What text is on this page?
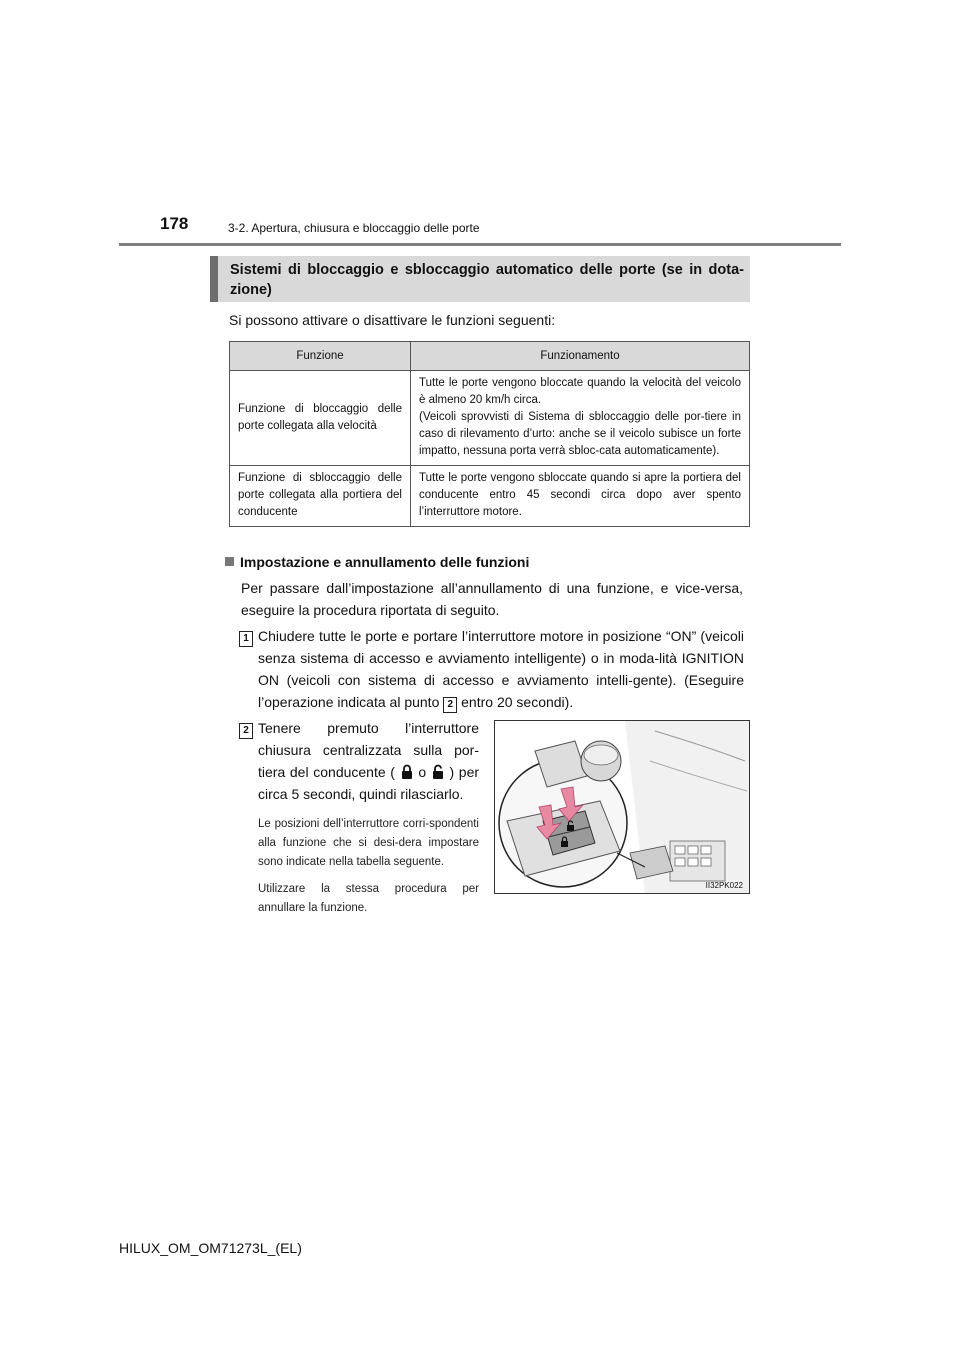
178	3-2. Apertura, chiusura e bloccaggio delle porte
Sistemi di bloccaggio e sbloccaggio automatico delle porte (se in dota-zione)
Si possono attivare o disattivare le funzioni seguenti:
Funzione	Funzionamento
Funzione di bloccaggio delle porte collegata alla velocità	Tutte le porte vengono bloccate quando la velocità del veicolo è almeno 20 km/h circa.
(Veicoli sprovvisti di Sistema di sbloccaggio delle por-tiere in caso di rilevamento d’urto: anche se il veicolo subisce un forte impatto, nessuna porta verrà sbloc-cata automaticamente).

Funzione di sbloccaggio delle porte collegata alla portiera del conducente	Tutte le porte vengono sbloccate quando si apre la portiera del conducente entro 45 secondi circa dopo aver spento l’interruttore motore.
Impostazione e annullamento delle funzioni
Per passare dall’impostazione all’annullamento di una funzione, e vice-versa, eseguire la procedura riportata di seguito.
1 Chiudere tutte le porte e portare l’interruttore motore in posizione “ON” (veicoli senza sistema di accesso e avviamento intelligente) o in moda-lità IGNITION ON (veicoli con sistema di accesso e avviamento intelli-gente). (Eseguire l’operazione indicata al punto 2 entro 20 secondi).
2 Tenere premuto l’interruttore chiusura centralizzata sulla por-tiera del conducente ( o ) per circa 5 secondi, quindi rilasciarlo.
Le posizioni dell’interruttore corri-spondenti alla funzione che si desi-dera impostare sono indicate nella tabella seguente.
Utilizzare la stessa procedura per annullare la funzione.
II32PK022
HILUX_OM_OM71273L_(EL)
